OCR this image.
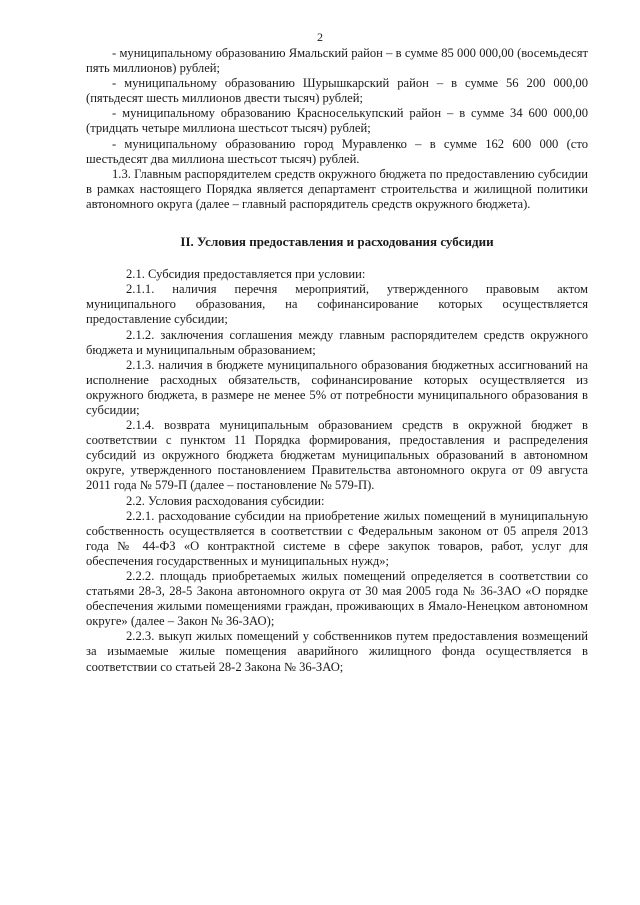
2

- муниципальному образованию Ямальский район – в сумме 85 000 000,00 (восемьдесят пять миллионов) рублей;

- муниципальному образованию Шурышкарский район – в сумме 56 200 000,00 (пятьдесят шесть миллионов двести тысяч) рублей;

- муниципальному образованию Красноселькупский район – в сумме 34 600 000,00 (тридцать четыре миллиона шестьсот тысяч) рублей;

- муниципальному образованию город Муравленко – в сумме 162 600 000 (сто шестьдесят два миллиона шестьсот тысяч) рублей.

1.3. Главным распорядителем средств окружного бюджета по предоставлению субсидии в рамках настоящего Порядка является департамент строительства и жилищной политики автономного округа (далее – главный распорядитель средств окружного бюджета).

II. Условия предоставления и расходования субсидии

2.1. Субсидия предоставляется при условии:

2.1.1. наличия перечня мероприятий, утвержденного правовым актом муниципального образования, на софинансирование которых осуществляется предоставление субсидии;

2.1.2. заключения соглашения между главным распорядителем средств окружного бюджета и муниципальным образованием;

2.1.3. наличия в бюджете муниципального образования бюджетных ассигнований на исполнение расходных обязательств, софинансирование которых осуществляется из окружного бюджета, в размере не менее 5% от потребности муниципального образования в субсидии;

2.1.4. возврата муниципальным образованием средств в окружной бюджет в соответствии с пунктом 11 Порядка формирования, предоставления и распределения субсидий из окружного бюджета бюджетам муниципальных образований в автономном округе, утвержденного постановлением Правительства автономного округа от 09 августа 2011 года № 579-П (далее – постановление № 579-П).

2.2. Условия расходования субсидии:

2.2.1. расходование субсидии на приобретение жилых помещений в муниципальную собственность осуществляется в соответствии с Федеральным законом от 05 апреля 2013 года № 44-ФЗ «О контрактной системе в сфере закупок товаров, работ, услуг для обеспечения государственных и муниципальных нужд»;

2.2.2. площадь приобретаемых жилых помещений определяется в соответствии со статьями 28-3, 28-5 Закона автономного округа от 30 мая 2005 года № 36-ЗАО «О порядке обеспечения жилыми помещениями граждан, проживающих в Ямало-Ненецком автономном округе» (далее – Закон № 36-ЗАО);

2.2.3. выкуп жилых помещений у собственников путем предоставления возмещений за изымаемые жилые помещения аварийного жилищного фонда осуществляется в соответствии со статьей 28-2 Закона № 36-ЗАО;
